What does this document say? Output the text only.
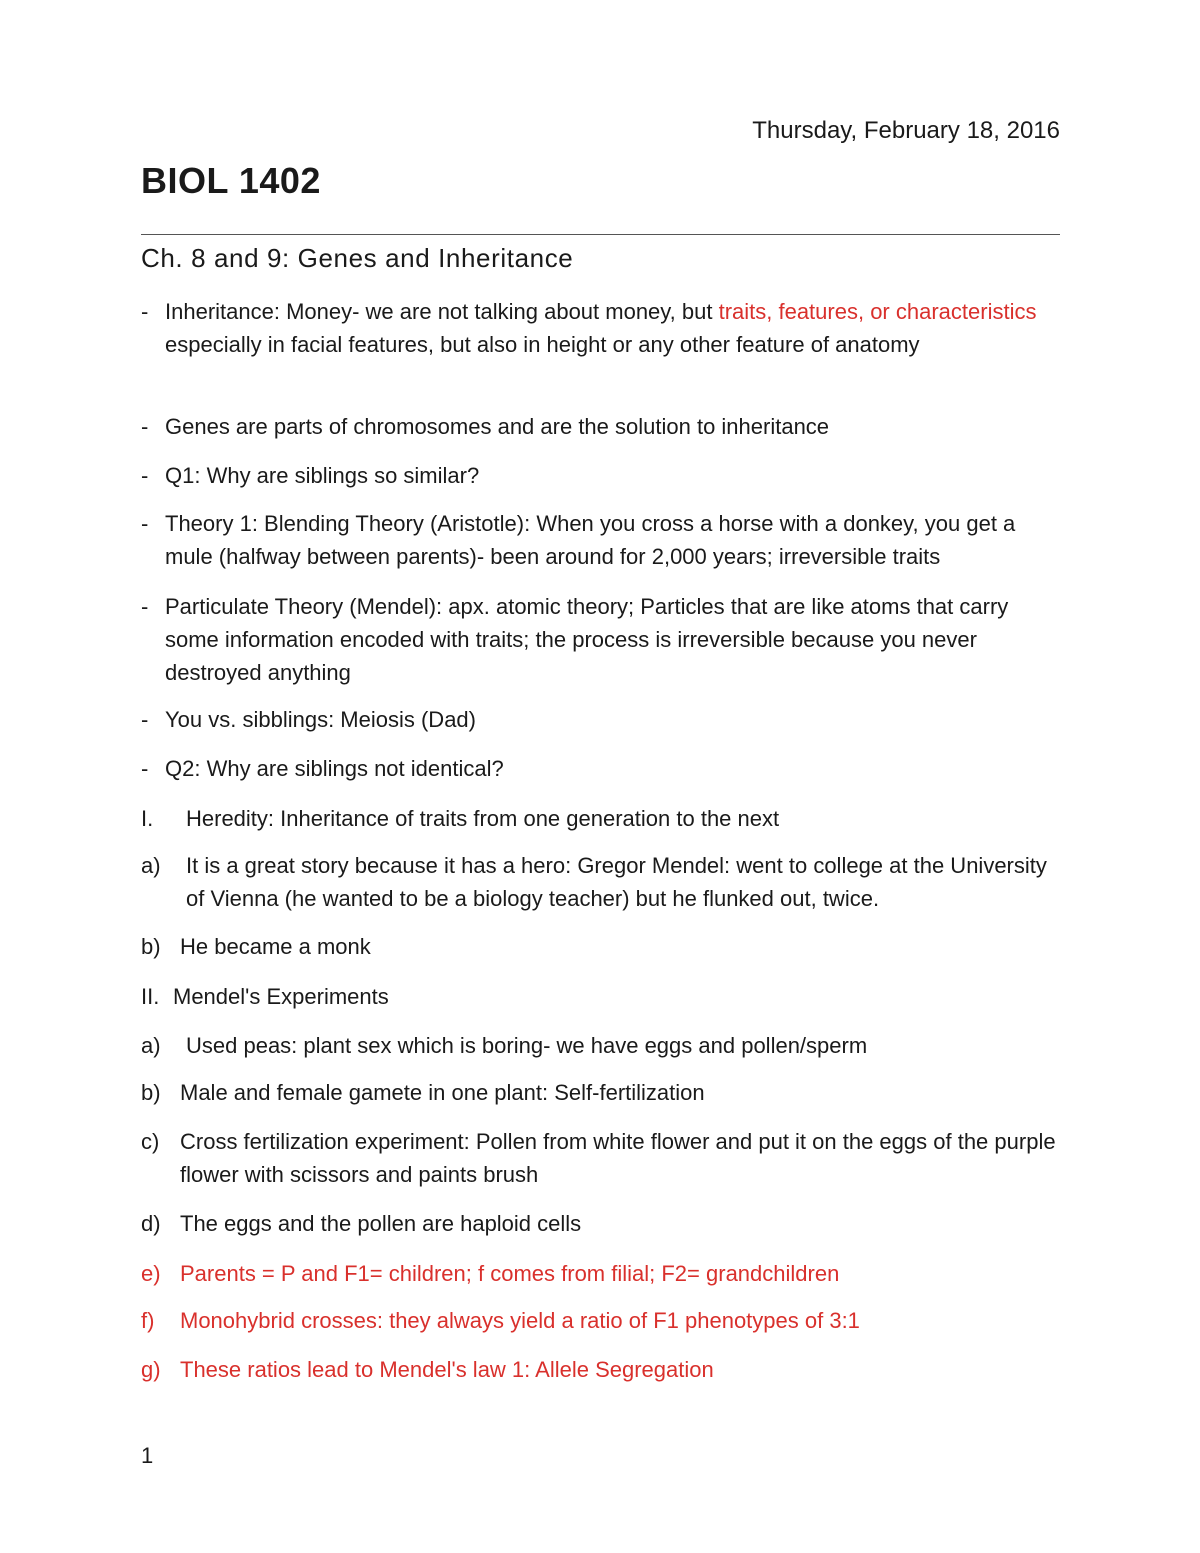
Thursday, February 18, 2016
BIOL 1402
Ch. 8 and 9: Genes and Inheritance
- Inheritance: Money- we are not talking about money, but traits, features, or characteristics especially in facial features, but also in height or any other feature of anatomy
- Genes are parts of chromosomes and are the solution to inheritance
- Q1: Why are siblings so similar?
- Theory 1: Blending Theory (Aristotle): When you cross a horse with a donkey, you get a mule (halfway between parents)- been around for 2,000 years; irreversible traits
- Particulate Theory (Mendel): apx. atomic theory; Particles that are like atoms that carry some information encoded with traits; the process is irreversible because you never destroyed anything
- You vs. sibblings: Meiosis (Dad)
- Q2: Why are siblings not identical?
I.	Heredity: Inheritance of traits from one generation to the next
a)	It is a great story because it has a hero: Gregor Mendel: went to college at the University of Vienna (he wanted to be a biology teacher) but he flunked out, twice.
b) He became a monk
II. Mendel's Experiments
a)	Used peas: plant sex which is boring- we have eggs and pollen/sperm
b) Male and female gamete in one plant: Self-fertilization
c) Cross fertilization experiment: Pollen from white flower and put it on the eggs of the purple flower with scissors and paints brush
d) The eggs and the pollen are haploid cells
e) Parents = P and F1= children; f comes from filial; F2= grandchildren
f)	Monohybrid crosses: they always yield a ratio of F1 phenotypes of 3:1
g) These ratios lead to Mendel's law 1: Allele Segregation
1
